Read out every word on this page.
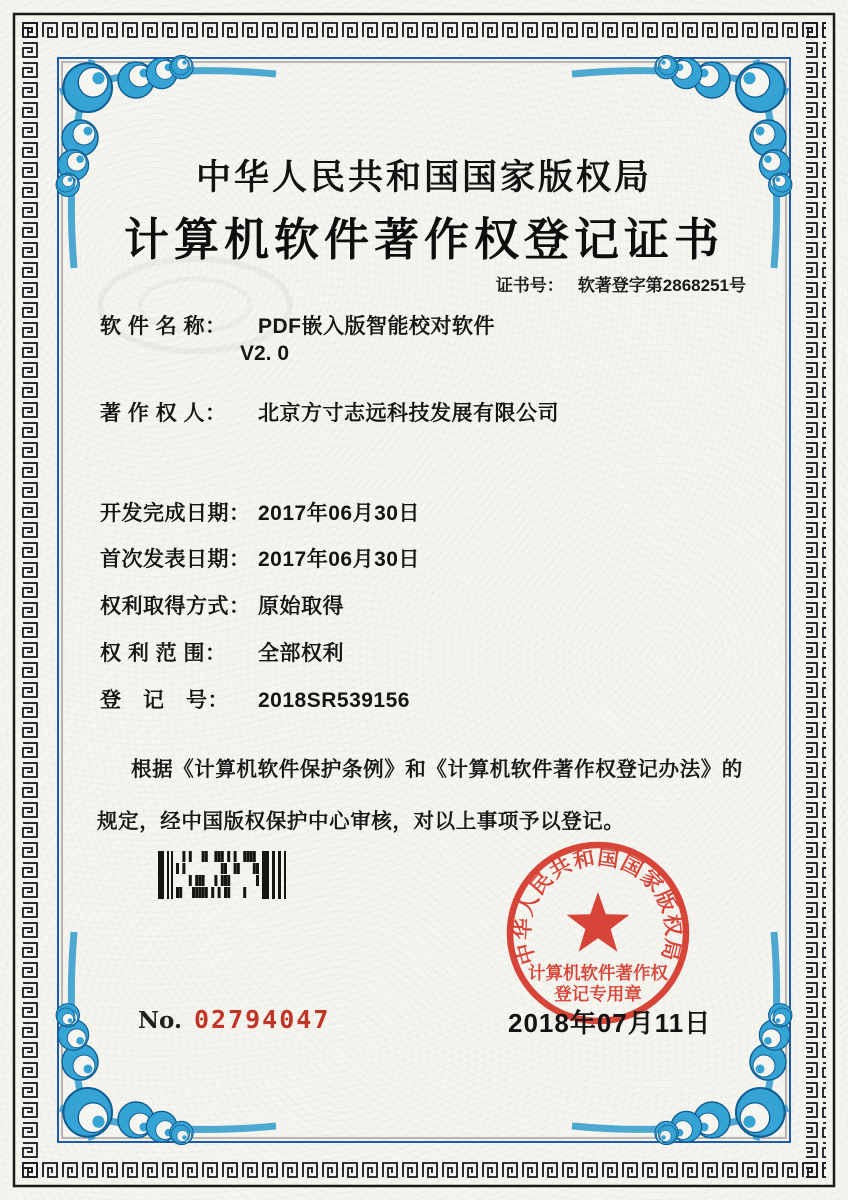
中华人民共和国国家版权局
计算机软件著作权登记证书
证书号： 软著登字第2868251号
软 件 名 称： PDF嵌入版智能校对软件
V2. 0
著 作 权 人： 北京方寸志远科技发展有限公司
开发完成日期： 2017年06月30日
首次发表日期： 2017年06月30日
权利取得方式： 原始取得
权 利 范 围： 全部权利
登　记　号： 2018SR539156
根据《计算机软件保护条例》和《计算机软件著作权登记办法》的
规定，经中国版权保护中心审核，对以上事项予以登记。
中华人民共和国国家版权局
计算机软件著作权
登记专用章
2018年07月11日
No. 02794047
